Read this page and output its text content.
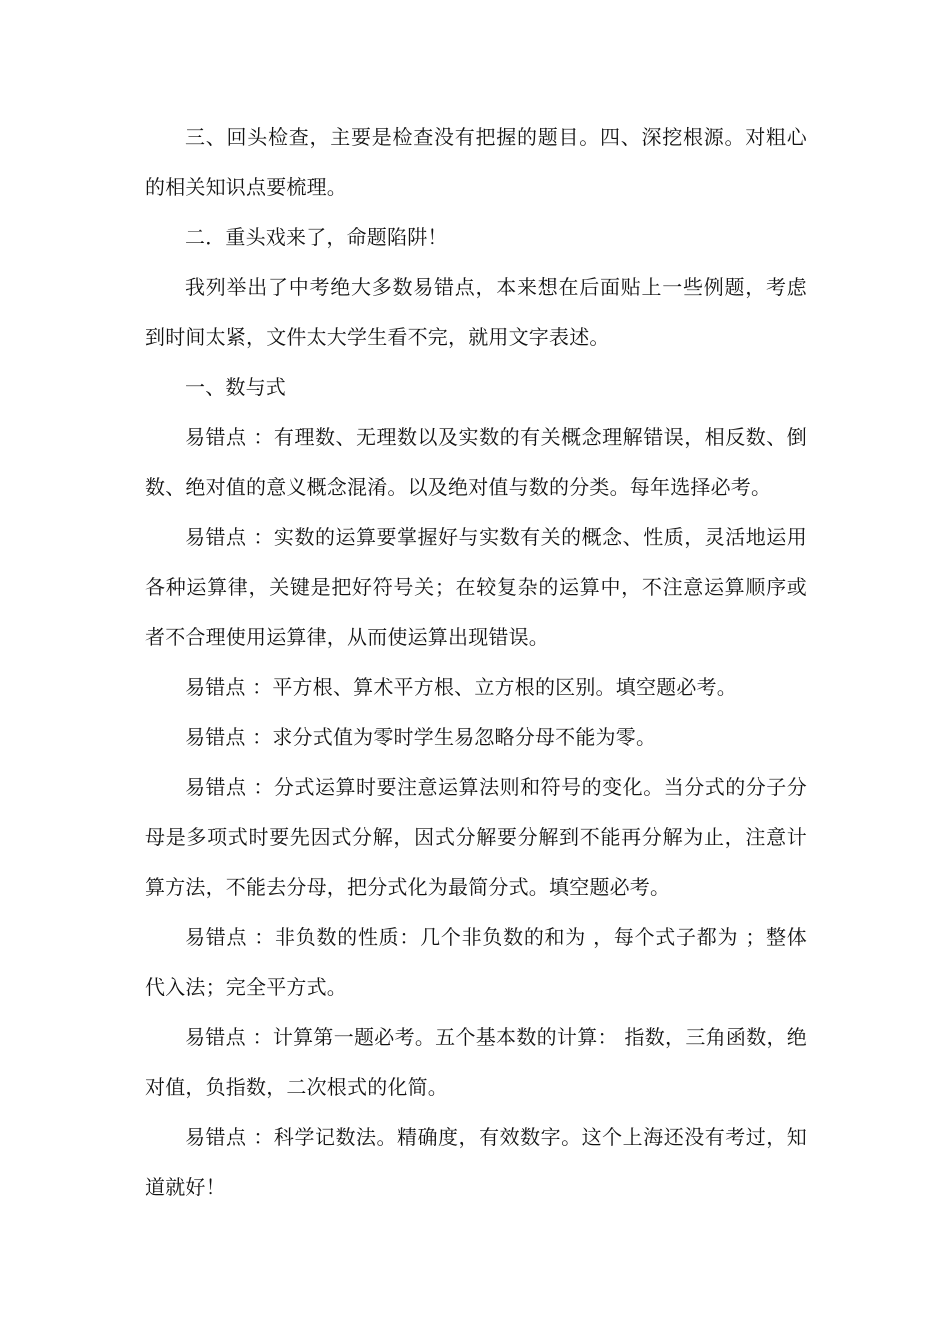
三、回头检查，主要是检查没有把握的题目。四、深挖根源。对粗心的相关知识点要梳理。

二．重头戏来了，命题陷阱！

我列举出了中考绝大多数易错点，本来想在后面贴上一些例题，考虑到时间太紧，文件太大学生看不完，就用文字表述。

一、数与式

易错点 ：有理数、无理数以及实数的有关概念理解错误，相反数、倒数、绝对值的意义概念混淆。以及绝对值与数的分类。每年选择必考。

易错点 ：实数的运算要掌握好与实数有关的概念、性质，灵活地运用各种运算律，关键是把好符号关；在较复杂的运算中，不注意运算顺序或者不合理使用运算律，从而使运算出现错误。

易错点 ：平方根、算术平方根、立方根的区别。填空题必考。

易错点 ：求分式值为零时学生易忽略分母不能为零。

易错点 ：分式运算时要注意运算法则和符号的变化。当分式的分子分母是多项式时要先因式分解，因式分解要分解到不能再分解为止，注意计算方法，不能去分母，把分式化为最简分式。填空题必考。

易错点 ：非负数的性质：几个非负数的和为 ，每个式子都为 ；整体代入法；完全平方式。

易错点 ：计算第一题必考。五个基本数的计算： 指数，三角函数，绝对值，负指数，二次根式的化简。

易错点 ：科学记数法。精确度，有效数字。这个上海还没有考过，知道就好！
